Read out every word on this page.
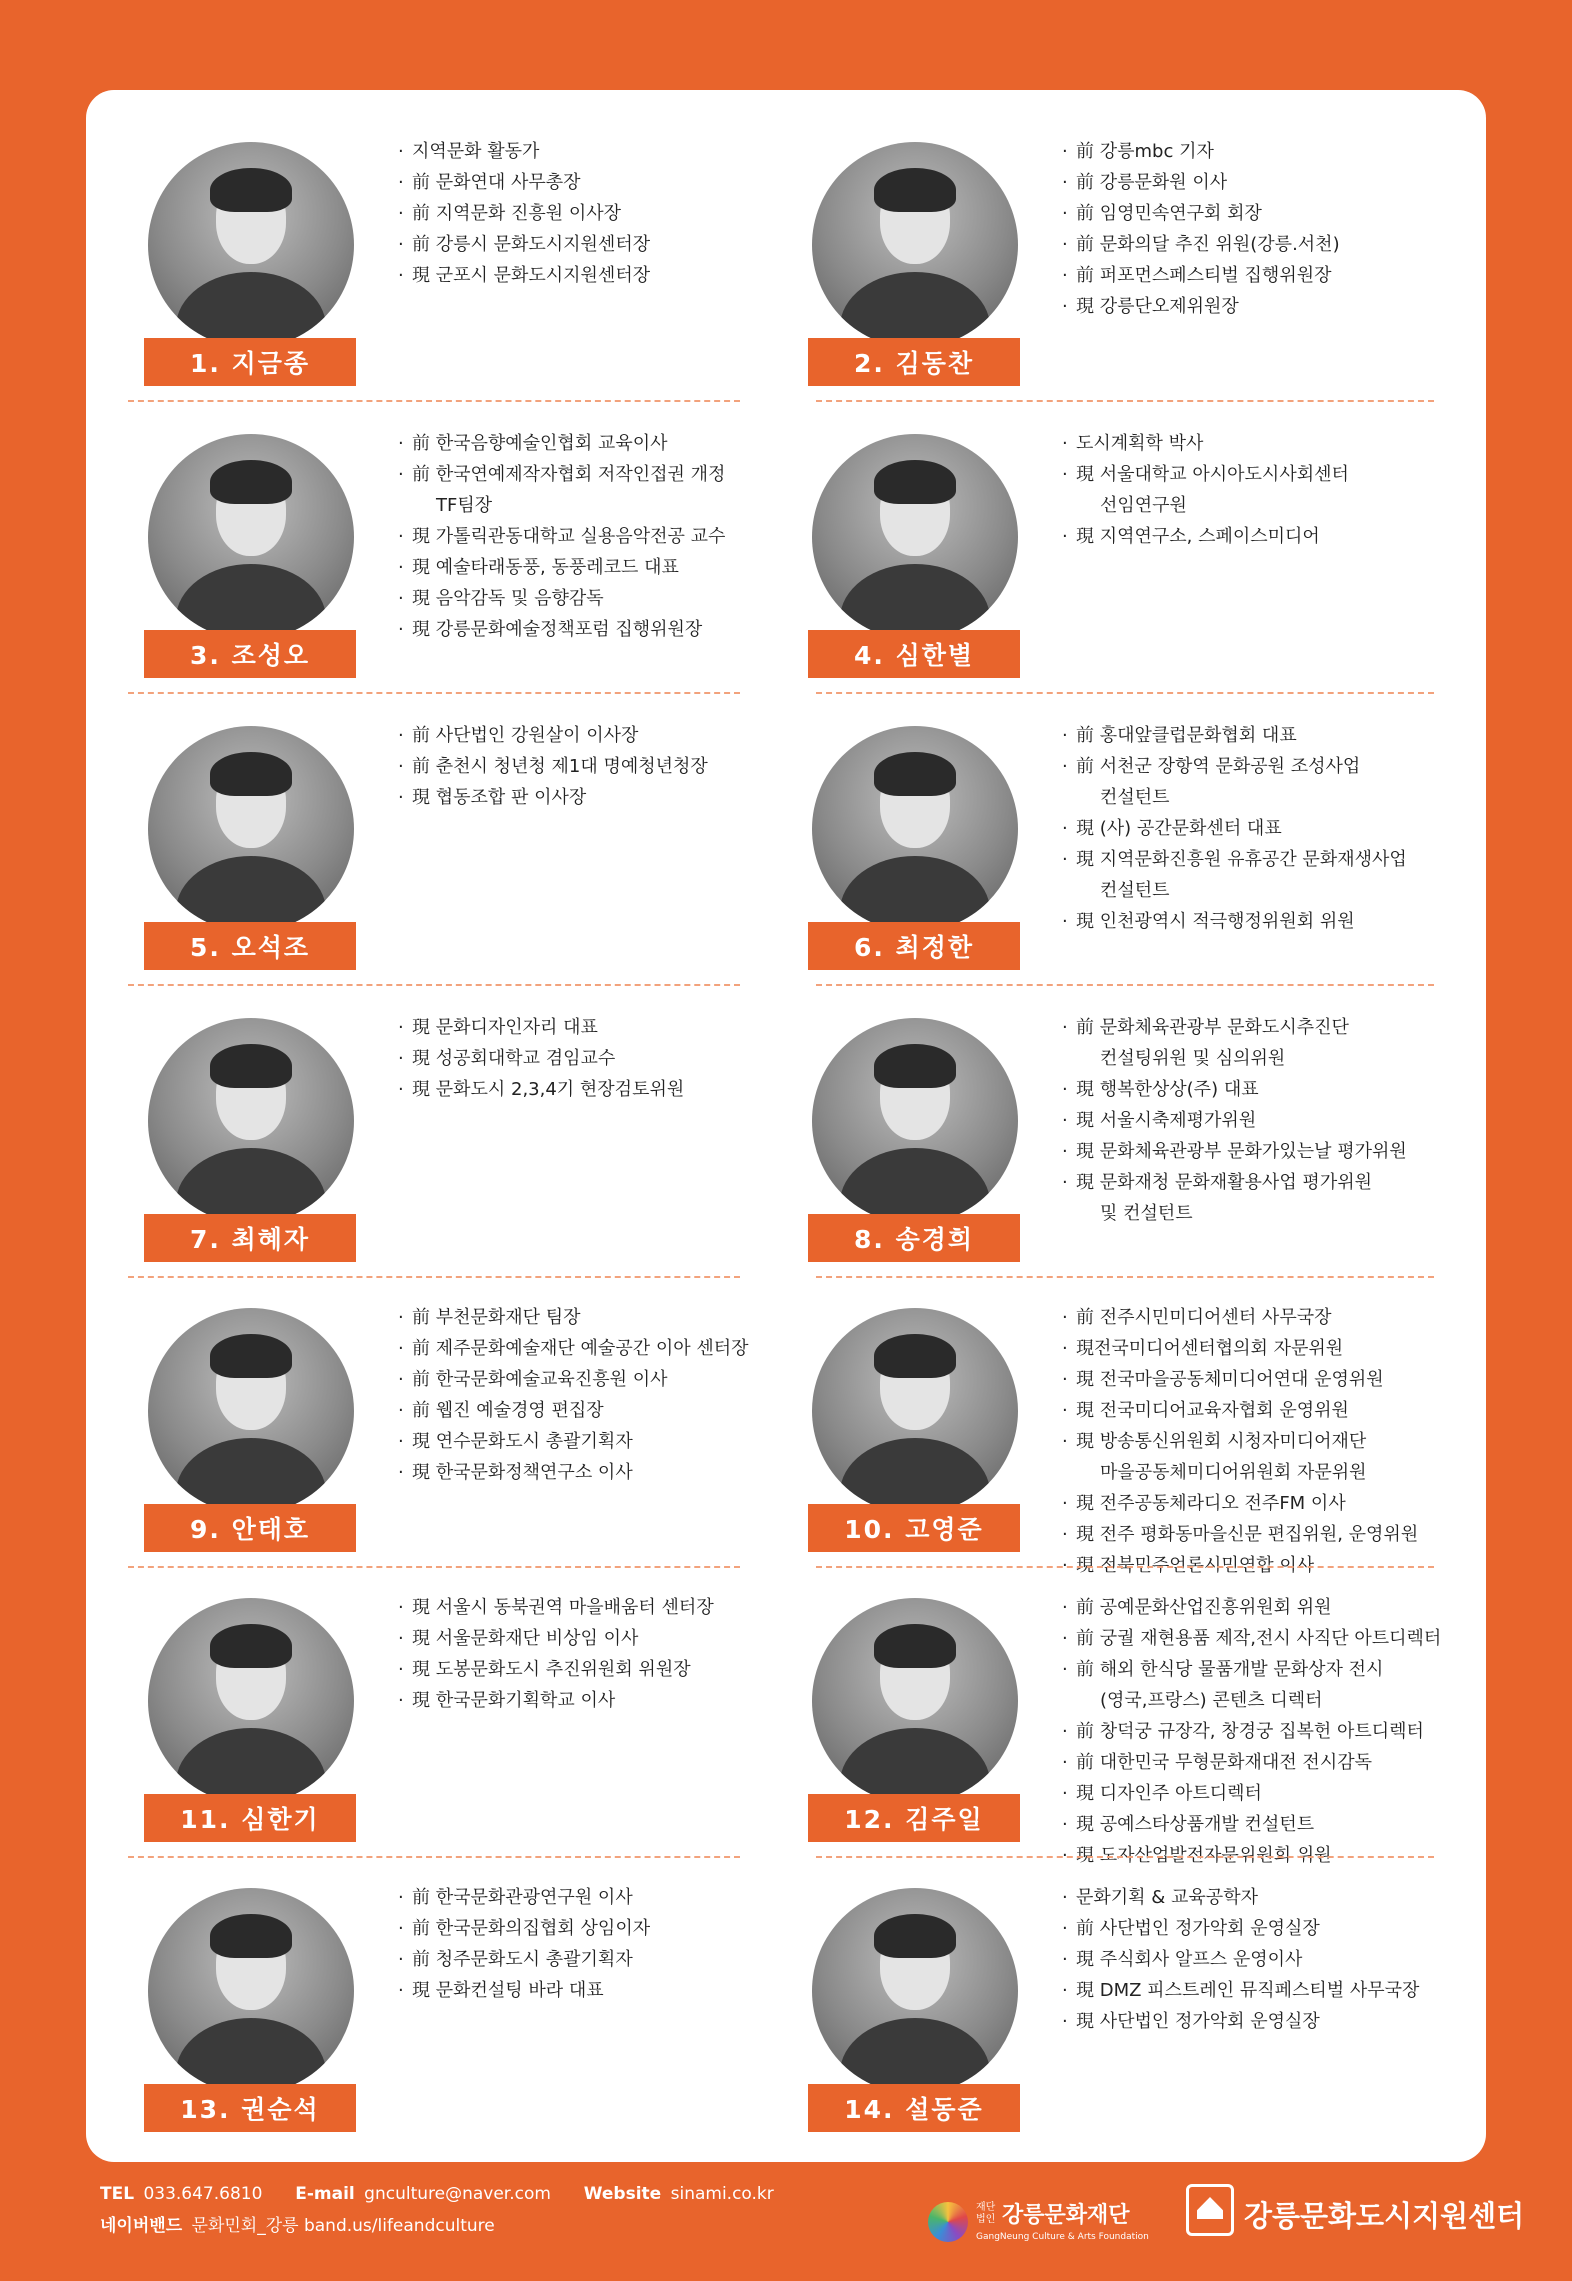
1. 지금종
· 지역문화 활동가
· 前 문화연대 사무총장
· 前 지역문화 진흥원 이사장
· 前 강릉시 문화도시지원센터장
· 現 군포시 문화도시지원센터장
2. 김동찬
· 前 강릉mbc 기자
· 前 강릉문화원 이사
· 前 임영민속연구회 회장
· 前 문화의달 추진 위원(강릉.서천)
· 前 퍼포먼스페스티벌 집행위원장
· 現 강릉단오제위원장
3. 조성오
· 前 한국음향예술인협회 교육이사
· 前 한국연예제작자협회 저작인접권 개정
TF팀장
· 現 가톨릭관동대학교 실용음악전공 교수
· 現 예술타래동풍, 동풍레코드 대표
· 現 음악감독 및 음향감독
· 現 강릉문화예술정책포럼 집행위원장
4. 심한별
· 도시계획학 박사
· 現 서울대학교 아시아도시사회센터
선임연구원
· 現 지역연구소, 스페이스미디어
5. 오석조
· 前 사단법인 강원살이 이사장
· 前 춘천시 청년청 제1대 명예청년청장
· 現 협동조합 판 이사장
6. 최정한
· 前 홍대앞클럽문화협회 대표
· 前 서천군 장항역 문화공원 조성사업
컨설턴트
· 現 (사) 공간문화센터 대표
· 現 지역문화진흥원 유휴공간 문화재생사업
컨설턴트
· 現 인천광역시 적극행정위원회 위원
7. 최혜자
· 現 문화디자인자리 대표
· 現 성공회대학교 겸임교수
· 現 문화도시 2,3,4기 현장검토위원
8. 송경희
· 前 문화체육관광부 문화도시추진단
컨설팅위원 및 심의위원
· 現 행복한상상(주) 대표
· 現 서울시축제평가위원
· 現 문화체육관광부 문화가있는날 평가위원
· 現 문화재청 문화재활용사업 평가위원
및 컨설턴트
9. 안태호
· 前 부천문화재단 팀장
· 前 제주문화예술재단 예술공간 이아 센터장
· 前 한국문화예술교육진흥원 이사
· 前 웹진 예술경영 편집장
· 現 연수문화도시 총괄기획자
· 現 한국문화정책연구소 이사
10. 고영준
· 前 전주시민미디어센터 사무국장
· 現전국미디어센터협의회 자문위원
· 現 전국마을공동체미디어연대 운영위원
· 現 전국미디어교육자협회 운영위원
· 現 방송통신위원회 시청자미디어재단
마을공동체미디어위원회 자문위원
· 現 전주공동체라디오 전주FM 이사
· 現 전주 평화동마을신문 편집위원, 운영위원
· 現 전북민주언론시민연합 이사
11. 심한기
· 現 서울시 동북권역 마을배움터 센터장
· 現 서울문화재단 비상임 이사
· 現 도봉문화도시 추진위원회 위원장
· 現 한국문화기획학교 이사
12. 김주일
· 前 공예문화산업진흥위원회 위원
· 前 궁궐 재현용품 제작,전시 사직단 아트디렉터
· 前 해외 한식당 물품개발 문화상자 전시
(영국,프랑스) 콘텐츠 디렉터
· 前 창덕궁 규장각, 창경궁 집복헌 아트디렉터
· 前 대한민국 무형문화재대전 전시감독
· 現 디자인주 아트디렉터
· 現 공예스타상품개발 컨설턴트
· 現 도자산업발전자문위원회 위원
13. 권순석
· 前 한국문화관광연구원 이사
· 前 한국문화의집협회 상임이자
· 前 청주문화도시 총괄기획자
· 現 문화컨설팅 바라 대표
14. 설동준
· 문화기획 & 교육공학자
· 前 사단법인 정가악회 운영실장
· 現 주식회사 알프스 운영이사
· 現 DMZ 피스트레인 뮤직페스티벌 사무국장
· 現 사단법인 정가악회 운영실장
TEL 033.647.6810 E-mail gnculture@naver.com Website sinami.co.kr
네이버밴드 문화민회_강릉 band.us/lifeandculture
재단
법인 강릉문화재단
GangNeung Culture & Arts Foundation
강릉문화도시지원센터
